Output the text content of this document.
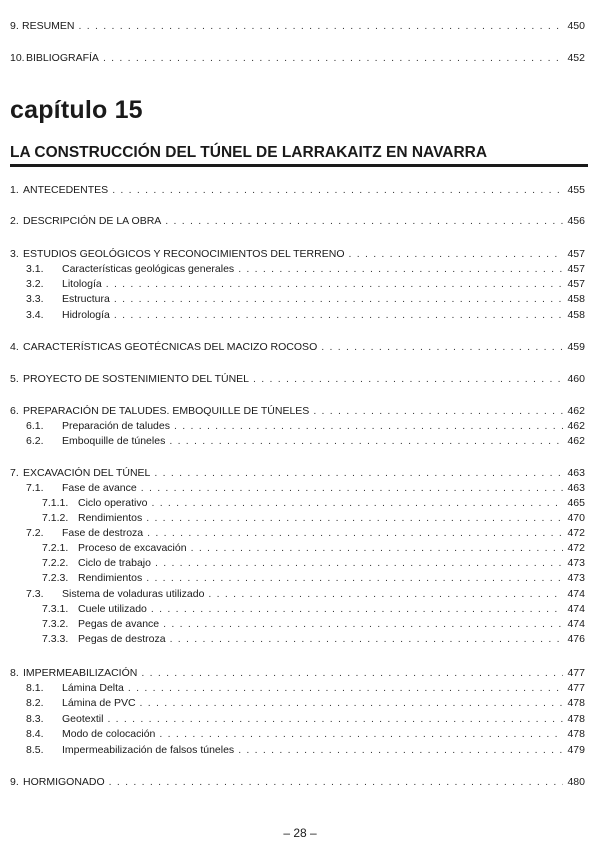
9. RESUMEN . . .	450
10. BIBLIOGRAFÍA . . .	452
capítulo 15
LA CONSTRUCCIÓN DEL TÚNEL DE LARRAKAITZ EN NAVARRA
1. ANTECEDENTES . . .	455
2. DESCRIPCIÓN DE LA OBRA . . .	456
3. ESTUDIOS GEOLÓGICOS Y RECONOCIMIENTOS DEL TERRENO . . .	457
3.1.	Características geológicas generales . . .	457
3.2.	Litología . . .	457
3.3.	Estructura . . .	458
3.4.	Hidrología . . .	458
4. CARACTERÍSTICAS GEOTÉCNICAS DEL MACIZO ROCOSO . . .	459
5. PROYECTO DE SOSTENIMIENTO DEL TÚNEL . . .	460
6. PREPARACIÓN DE TALUDES. EMBOQUILLE DE TÚNELES . . .	462
6.1.	Preparación de taludes . . .	462
6.2.	Emboquille de túneles . . .	462
7. EXCAVACIÓN DEL TÚNEL . . .	463
7.1.	Fase de avance . . .	463
7.1.1. Ciclo operativo . . .	465
7.1.2. Rendimientos . . .	470
7.2.	Fase de destroza . . .	472
7.2.1. Proceso de excavación . . .	472
7.2.2. Ciclo de trabajo . . .	473
7.2.3. Rendimientos . . .	473
7.3.	Sistema de voladuras utilizado . . .	474
7.3.1. Cuele utilizado . . .	474
7.3.2. Pegas de avance . . .	474
7.3.3. Pegas de destroza . . .	476
8. IMPERMEABILIZACIÓN . . .	477
8.1.	Lámina Delta . . .	477
8.2.	Lámina de PVC . . .	478
8.3.	Geotextil . . .	478
8.4.	Modo de colocación . . .	478
8.5.	Impermeabilización de falsos túneles . . .	479
9. HORMIGONADO . . .	480
– 28 –
